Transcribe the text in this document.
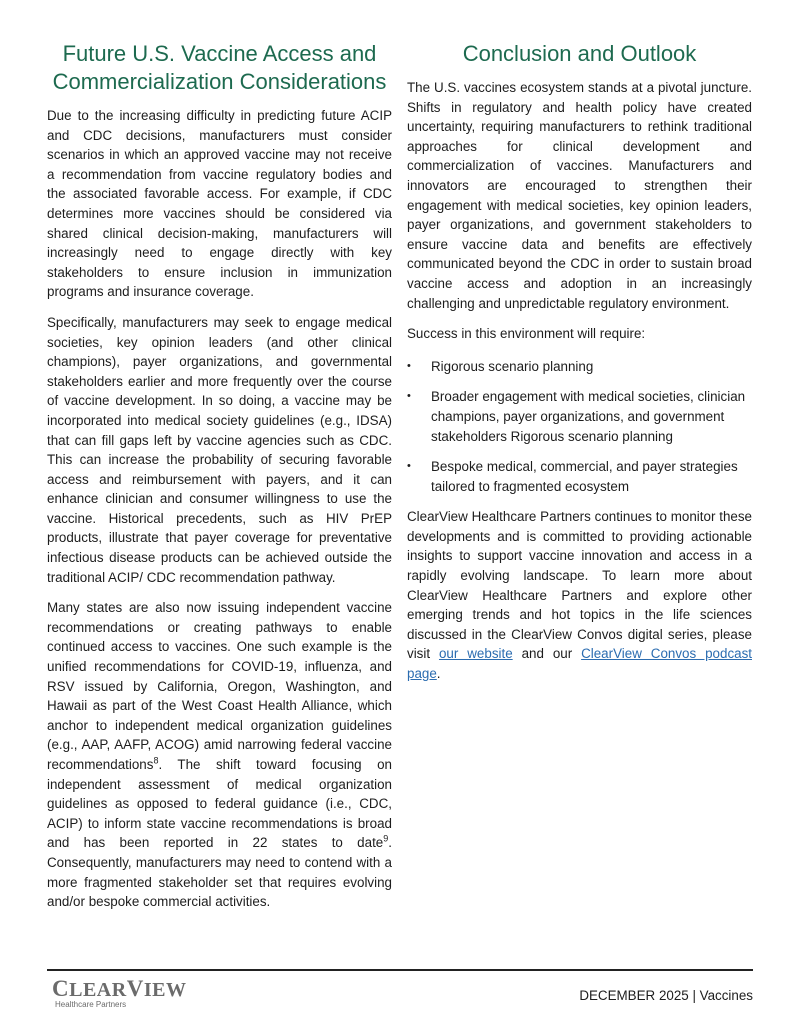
Future U.S. Vaccine Access and Commercialization Considerations

Due to the increasing difficulty in predicting future ACIP and CDC decisions, manufacturers must consider scenarios in which an approved vaccine may not receive a recommendation from vaccine regulatory bodies and the associated favorable access. For example, if CDC determines more vaccines should be considered via shared clinical decision-making, manufacturers will increasingly need to engage directly with key stakeholders to ensure inclusion in immunization programs and insurance coverage.

Specifically, manufacturers may seek to engage medical societies, key opinion leaders (and other clinical champions), payer organizations, and governmental stakeholders earlier and more frequently over the course of vaccine development. In so doing, a vaccine may be incorporated into medical society guidelines (e.g., IDSA) that can fill gaps left by vaccine agencies such as CDC. This can increase the probability of securing favorable access and reimbursement with payers, and it can enhance clinician and consumer willingness to use the vaccine. Historical precedents, such as HIV PrEP products, illustrate that payer coverage for preventative infectious disease products can be achieved outside the traditional ACIP/ CDC recommendation pathway.

Many states are also now issuing independent vaccine recommendations or creating pathways to enable continued access to vaccines. One such example is the unified recommendations for COVID-19, influenza, and RSV issued by California, Oregon, Washington, and Hawaii as part of the West Coast Health Alliance, which anchor to independent medical organization guidelines (e.g., AAP, AAFP, ACOG) amid narrowing federal vaccine recommendations$^8$. The shift toward focusing on independent assessment of medical organization guidelines as opposed to federal guidance (i.e., CDC, ACIP) to inform state vaccine recommendations is broad and has been reported in 22 states to date$^9$. Consequently, manufacturers may need to contend with a more fragmented stakeholder set that requires evolving and/or bespoke commercial activities.

Conclusion and Outlook

The U.S. vaccines ecosystem stands at a pivotal juncture. Shifts in regulatory and health policy have created uncertainty, requiring manufacturers to rethink traditional approaches for clinical development and commercialization of vaccines. Manufacturers and innovators are encouraged to strengthen their engagement with medical societies, key opinion leaders, payer organizations, and government stakeholders to ensure vaccine data and benefits are effectively communicated beyond the CDC in order to sustain broad vaccine access and adoption in an increasingly challenging and unpredictable regulatory environment.

Success in this environment will require:

• Rigorous scenario planning
• Broader engagement with medical societies, clinician champions, payer organizations, and government stakeholders Rigorous scenario planning
• Bespoke medical, commercial, and payer strategies tailored to fragmented ecosystem

ClearView Healthcare Partners continues to monitor these developments and is committed to providing actionable insights to support vaccine innovation and access in a rapidly evolving landscape. To learn more about ClearView Healthcare Partners and explore other emerging trends and hot topics in the life sciences discussed in the ClearView Convos digital series, please visit our website and our ClearView Convos podcast page.

CLEARVIEW
Healthcare Partners
DECEMBER 2025 | Vaccines
